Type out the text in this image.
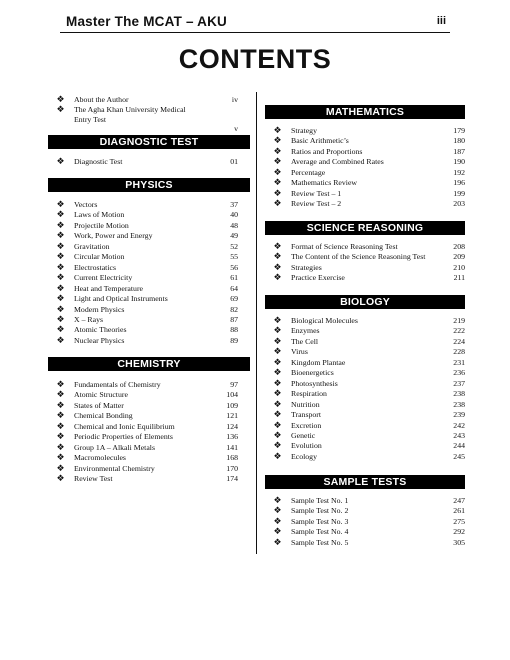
Master The MCAT – AKU	iii
CONTENTS
❖ About the Author	iv
❖ The Agha Khan University Medical Entry Test
v
DIAGNOSTIC TEST
❖ Diagnostic Test	01
PHYSICS
❖ Vectors	37
❖ Laws of Motion	40
❖ Projectile Motion	48
❖ Work, Power and Energy	49
❖ Gravitation	52
❖ Circular Motion	55
❖ Electrostatics	56
❖ Current Electricity	61
❖ Heat and Temperature	64
❖ Light and Optical Instruments	69
❖ Modern Physics	82
❖ X – Rays	87
❖ Atomic Theories	88
❖ Nuclear Physics	89
CHEMISTRY
❖ Fundamentals of Chemistry	97
❖ Atomic Structure	104
❖ States of Matter	109
❖ Chemical Bonding	121
❖ Chemical and Ionic Equilibrium	124
❖ Periodic Properties of Elements	136
❖ Group 1A – Alkali Metals	141
❖ Macromolecules	168
❖ Environmental Chemistry	170
❖ Review Test	174
MATHEMATICS
❖ Strategy	179
❖ Basic Arithmetic’s	180
❖ Ratios and Proportions	187
❖ Average and Combined Rates	190
❖ Percentage	192
❖ Mathematics Review	196
❖ Review Test – 1	199
❖ Review Test – 2	203
SCIENCE REASONING
❖ Format of Science Reasoning Test	208
❖ The Content of the Science Reasoning Test	209
❖ Strategies	210
❖ Practice Exercise	211
BIOLOGY
❖ Biological Molecules	219
❖ Enzymes	222
❖ The Cell	224
❖ Virus	228
❖ Kingdom Plantae	231
❖ Bioenergetics	236
❖ Photosynthesis	237
❖ Respiration	238
❖ Nutrition	238
❖ Transport	239
❖ Excretion	242
❖ Genetic	243
❖ Evolution	244
❖ Ecology	245
SAMPLE TESTS
❖ Sample Test No. 1	247
❖ Sample Test No. 2	261
❖ Sample Test No. 3	275
❖ Sample Test No. 4	292
❖ Sample Test No. 5	305
